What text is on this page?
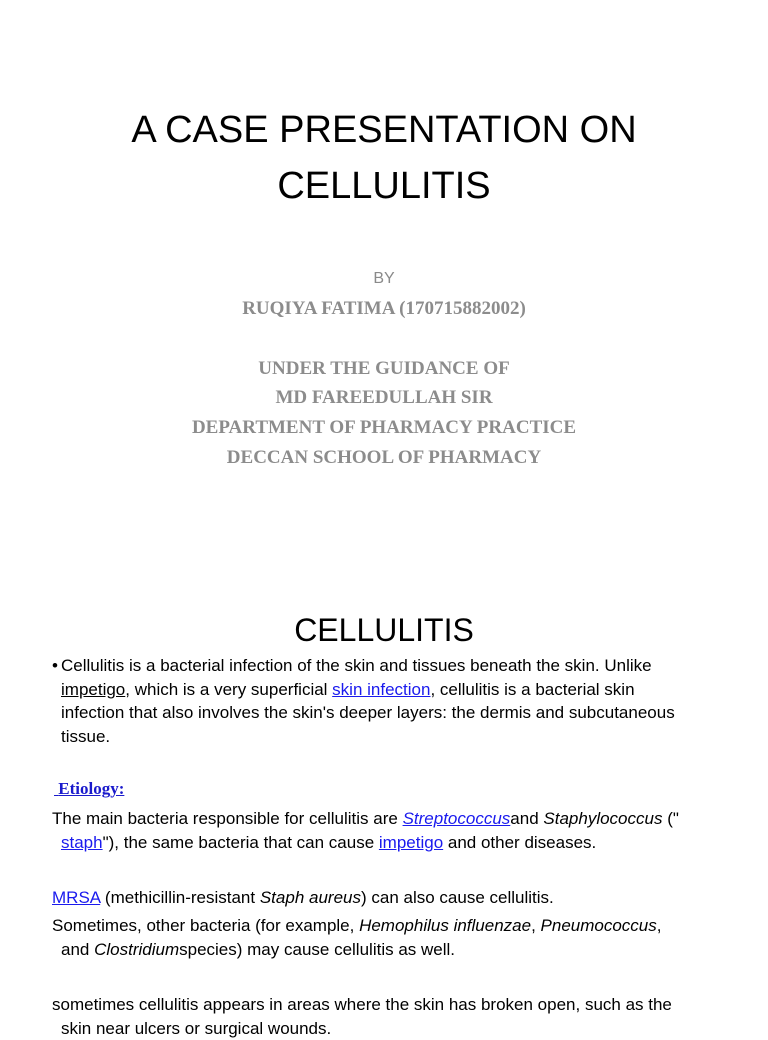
A CASE PRESENTATION ON
CELLULITIS
BY
RUQIYA FATIMA (170715882002)
UNDER THE GUIDANCE OF
MD FAREEDULLAH SIR
DEPARTMENT OF PHARMACY PRACTICE
DECCAN SCHOOL OF PHARMACY
CELLULITIS
• Cellulitis is a bacterial infection of the skin and tissues beneath the skin. Unlike
impetigo, which is a very superficial skin infection, cellulitis is a bacterial skin
infection that also involves the skin's deeper layers: the dermis and subcutaneous
tissue.
Etiology:
The main bacteria responsible for cellulitis are Streptococcusand Staphylococcus ("
staph"), the same bacteria that can cause impetigo and other diseases.
MRSA (methicillin-resistant Staph aureus) can also cause cellulitis.
Sometimes, other bacteria (for example, Hemophilus influenzae, Pneumococcus,
and Clostridiumspecies) may cause cellulitis as well.
sometimes cellulitis appears in areas where the skin has broken open, such as the
skin near ulcers or surgical wounds.
